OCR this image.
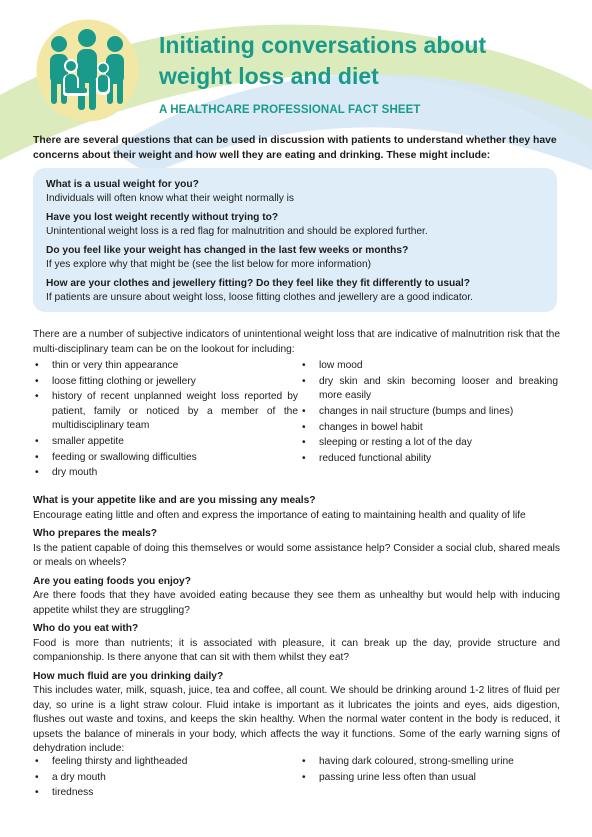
Initiating conversations about
weight loss and diet
A HEALTHCARE PROFESSIONAL FACT SHEET

There are several questions that can be used in discussion with patients to understand whether they have concerns about their weight and how well they are eating and drinking. These might include:

What is a usual weight for you?
Individuals will often know what their weight normally is
Have you lost weight recently without trying to?
Unintentional weight loss is a red flag for malnutrition and should be explored further.
Do you feel like your weight has changed in the last few weeks or months?
If yes explore why that might be (see the list below for more information)
How are your clothes and jewellery fitting? Do they feel like they fit differently to usual?
If patients are unsure about weight loss, loose fitting clothes and jewellery are a good indicator.

There are a number of subjective indicators of unintentional weight loss that are indicative of malnutrition risk that the multi-disciplinary team can be on the lookout for including:

• thin or very thin appearance
• loose fitting clothing or jewellery
• history of recent unplanned weight loss reported by patient, family or noticed by a member of the multidisciplinary team
• smaller appetite
• feeding or swallowing difficulties
• dry mouth
• low mood
• dry skin and skin becoming looser and breaking more easily
• changes in nail structure (bumps and lines)
• changes in bowel habit
• sleeping or resting a lot of the day
• reduced functional ability
What is your appetite like and are you missing any meals?
Encourage eating little and often and express the importance of eating to maintaining health and quality of life
Who prepares the meals?
Is the patient capable of doing this themselves or would some assistance help? Consider a social club, shared meals or meals on wheels?
Are you eating foods you enjoy?
Are there foods that they have avoided eating because they see them as unhealthy but would help with inducing appetite whilst they are struggling?
Who do you eat with?
Food is more than nutrients; it is associated with pleasure, it can break up the day, provide structure and companionship. Is there anyone that can sit with them whilst they eat?
How much fluid are you drinking daily?
This includes water, milk, squash, juice, tea and coffee, all count. We should be drinking around 1-2 litres of fluid per day, so urine is a light straw colour. Fluid intake is important as it lubricates the joints and eyes, aids digestion, flushes out waste and toxins, and keeps the skin healthy. When the normal water content in the body is reduced, it upsets the balance of minerals in your body, which affects the way it functions. Some of the early warning signs of dehydration include:
• feeling thirsty and lightheaded
• a dry mouth
• tiredness
• having dark coloured, strong-smelling urine
• passing urine less often than usual
